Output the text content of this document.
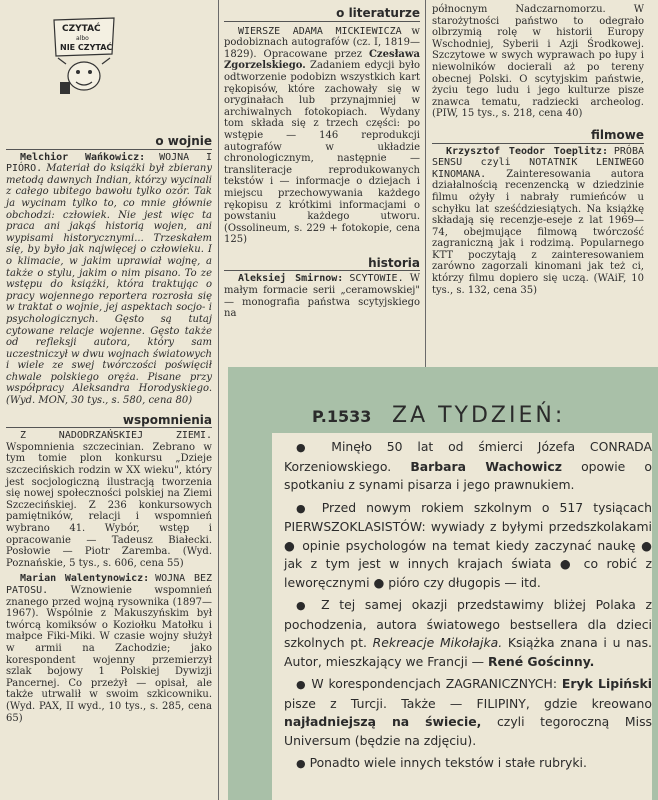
CZYTAĆ
albo
NIE CZYTAĆ
o wojnie

Melchior Wańkowicz: WOJNA I PIÓRO. Materiał do książki był zbierany metodą dawnych Indian, którzy wycinali z całego ubitego bawołu tylko ozór. Tak ja wycinam tylko to, co mnie głównie obchodzi: człowiek. Nie jest więc ta praca ani jakąś historią wojen, ani wypisami historycznymi... Trzeskałem się, by było jak najwięcej o człowieku. I o klimacie, w jakim uprawiał wojnę, a także o stylu, jakim o nim pisano. To ze wstępu do książki, która traktując o pracy wojennego reportera rozrosła się w traktat o wojnie, jej aspektach socjo- i psychologicznych. Gęsto są tutaj cytowane relacje wojenne. Gęsto także od refleksji autora, który sam uczestniczył w dwu wojnach światowych i wiele ze swej twórczości poświęcił chwale polskiego oręża. Pisane przy współpracy Aleksandra Horodyskiego. (Wyd. MON, 30 tys., s. 580, cena 80)

wspomnienia

Z NADODRZAŃSKIEJ ZIEMI. Wspomnienia szczecinian. Zebrano w tym tomie plon konkursu „Dzieje szczecińskich rodzin w XX wieku", który jest socjologiczną ilustracją tworzenia się nowej społeczności polskiej na Ziemi Szczecińskiej. Z 236 konkursowych pamiętników, relacji i wspomnień wybrano 41. Wybór, wstęp i opracowanie — Tadeusz Białecki. Posłowie — Piotr Zaremba. (Wyd. Poznańskie, 5 tys., s. 606, cena 55)

Marian Walentynowicz: WOJNA BEZ PATOSU. Wznowienie wspomnień znanego przed wojną rysownika (1897—1967). Wspólnie z Makuszyńskim był twórcą komiksów o Koziołku Matołku i małpce Fiki-Miki. W czasie wojny służył w armii na Zachodzie; jako korespondent wojenny przemierzył szlak bojowy 1 Polskiej Dywizji Pancernej. Co przeżył — opisał, ale także utrwalił w swoim szkicowniku. (Wyd. PAX, II wyd., 10 tys., s. 285, cena 65)

o literaturze

WIERSZE ADAMA MICKIEWICZA w podobiznach autografów (cz. I, 1819—1829). Opracowane przez Czesława Zgorzelskiego. Zadaniem edycji było odtworzenie podobizn wszystkich kart rękopisów, które zachowały się w oryginałach lub przynajmniej w archiwalnych fotokopiach. Wydany tom składa się z trzech części: po wstępie — 146 reprodukcji autografów w układzie chronologicznym, następnie — transliteracje reprodukowanych tekstów i — informacje o dziejach i miejscu przechowywania każdego rękopisu z krótkimi informacjami o powstaniu każdego utworu. (Ossolineum, s. 229 + fotokopie, cena 125)

historia

Aleksiej Smirnow: SCYTOWIE. W małym formacie serii „ceramowskiej" — monografia państwa scytyjskiego na

północnym Nadczarnomorzu. W starożytności państwo to odegrało olbrzymią rolę w historii Europy Wschodniej, Syberii i Azji Środkowej. Szczytowe w swych wyprawach po łupy i niewolników docierali aż po tereny obecnej Polski. O scytyjskim państwie, życiu tego ludu i jego kulturze pisze znawca tematu, radziecki archeolog. (PIW, 15 tys., s. 218, cena 40)

filmowe

Krzysztof Teodor Toeplitz: PRÓBA SENSU czyli NOTATNIK LENIWEGO KINOMANA. Zainteresowania autora działalnością recenzencką w dziedzinie filmu ożyły i nabrały rumieńców u schyłku lat sześćdziesiątych. Na książkę składają się recenzje-eseje z lat 1969—74, obejmujące filmową twórczość zagraniczną jak i rodzimą. Popularnego KTT poczytają z zainteresowaniem zarówno zagorzali kinomani jak też ci, którzy filmu dopiero się uczą. (WAiF, 10 tys., s. 132, cena 35)

P.1533 ZA TYDZIEŃ:

● Minęło 50 lat od śmierci Józefa CONRADA Korzeniowskiego. Barbara Wachowicz opowie o spotkaniu z synami pisarza i jego prawnukiem.

● Przed nowym rokiem szkolnym o 517 tysiącach PIERWSZOKLASISTÓW: wywiady z byłymi przedszkolakami ● opinie psychologów na temat kiedy zaczynać naukę ● jak z tym jest w innych krajach świata ● co robić z leworęcznymi ● pióro czy długopis — itd.

● Z tej samej okazji przedstawimy bliżej Polaka z pochodzenia, autora światowego bestsellera dla dzieci szkolnych pt. Rekreacje Mikołajka. Książka znana i u nas. Autor, mieszkający we Francji — René Gościnny.

● W korespondencjach ZAGRANICZNYCH: Eryk Lipiński pisze z Turcji. Także — FILIPINY, gdzie kreowano najładniejszą na świecie, czyli tegoroczną Miss Universum (będzie na zdjęciu).

● Ponadto wiele innych tekstów i stałe rubryki.
